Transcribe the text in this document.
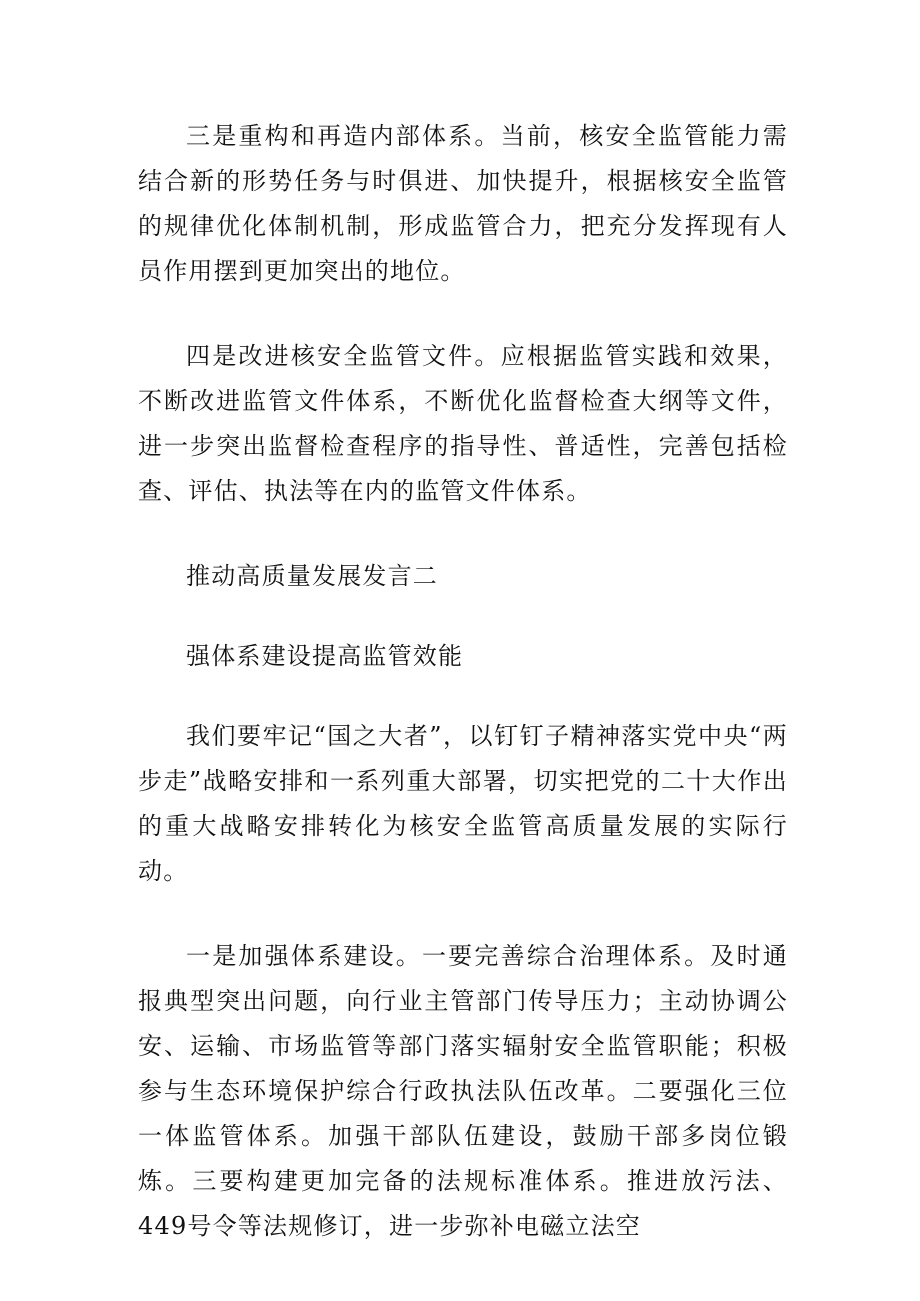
三是重构和再造内部体系。当前，核安全监管能力需结合新的形势任务与时俱进、加快提升，根据核安全监管的规律优化体制机制，形成监管合力，把充分发挥现有人员作用摆到更加突出的地位。

四是改进核安全监管文件。应根据监管实践和效果，不断改进监管文件体系，不断优化监督检查大纲等文件，进一步突出监督检查程序的指导性、普适性，完善包括检查、评估、执法等在内的监管文件体系。

推动高质量发展发言二

强体系建设提高监管效能

我们要牢记“国之大者”，以钉钉子精神落实党中央“两步走”战略安排和一系列重大部署，切实把党的二十大作出的重大战略安排转化为核安全监管高质量发展的实际行动。

一是加强体系建设。一要完善综合治理体系。及时通报典型突出问题，向行业主管部门传导压力；主动协调公安、运输、市场监管等部门落实辐射安全监管职能；积极参与生态环境保护综合行政执法队伍改革。二要强化三位一体监管体系。加强干部队伍建设，鼓励干部多岗位锻炼。三要构建更加完备的法规标准体系。推进放污法、449号令等法规修订，进一步弥补电磁立法空
